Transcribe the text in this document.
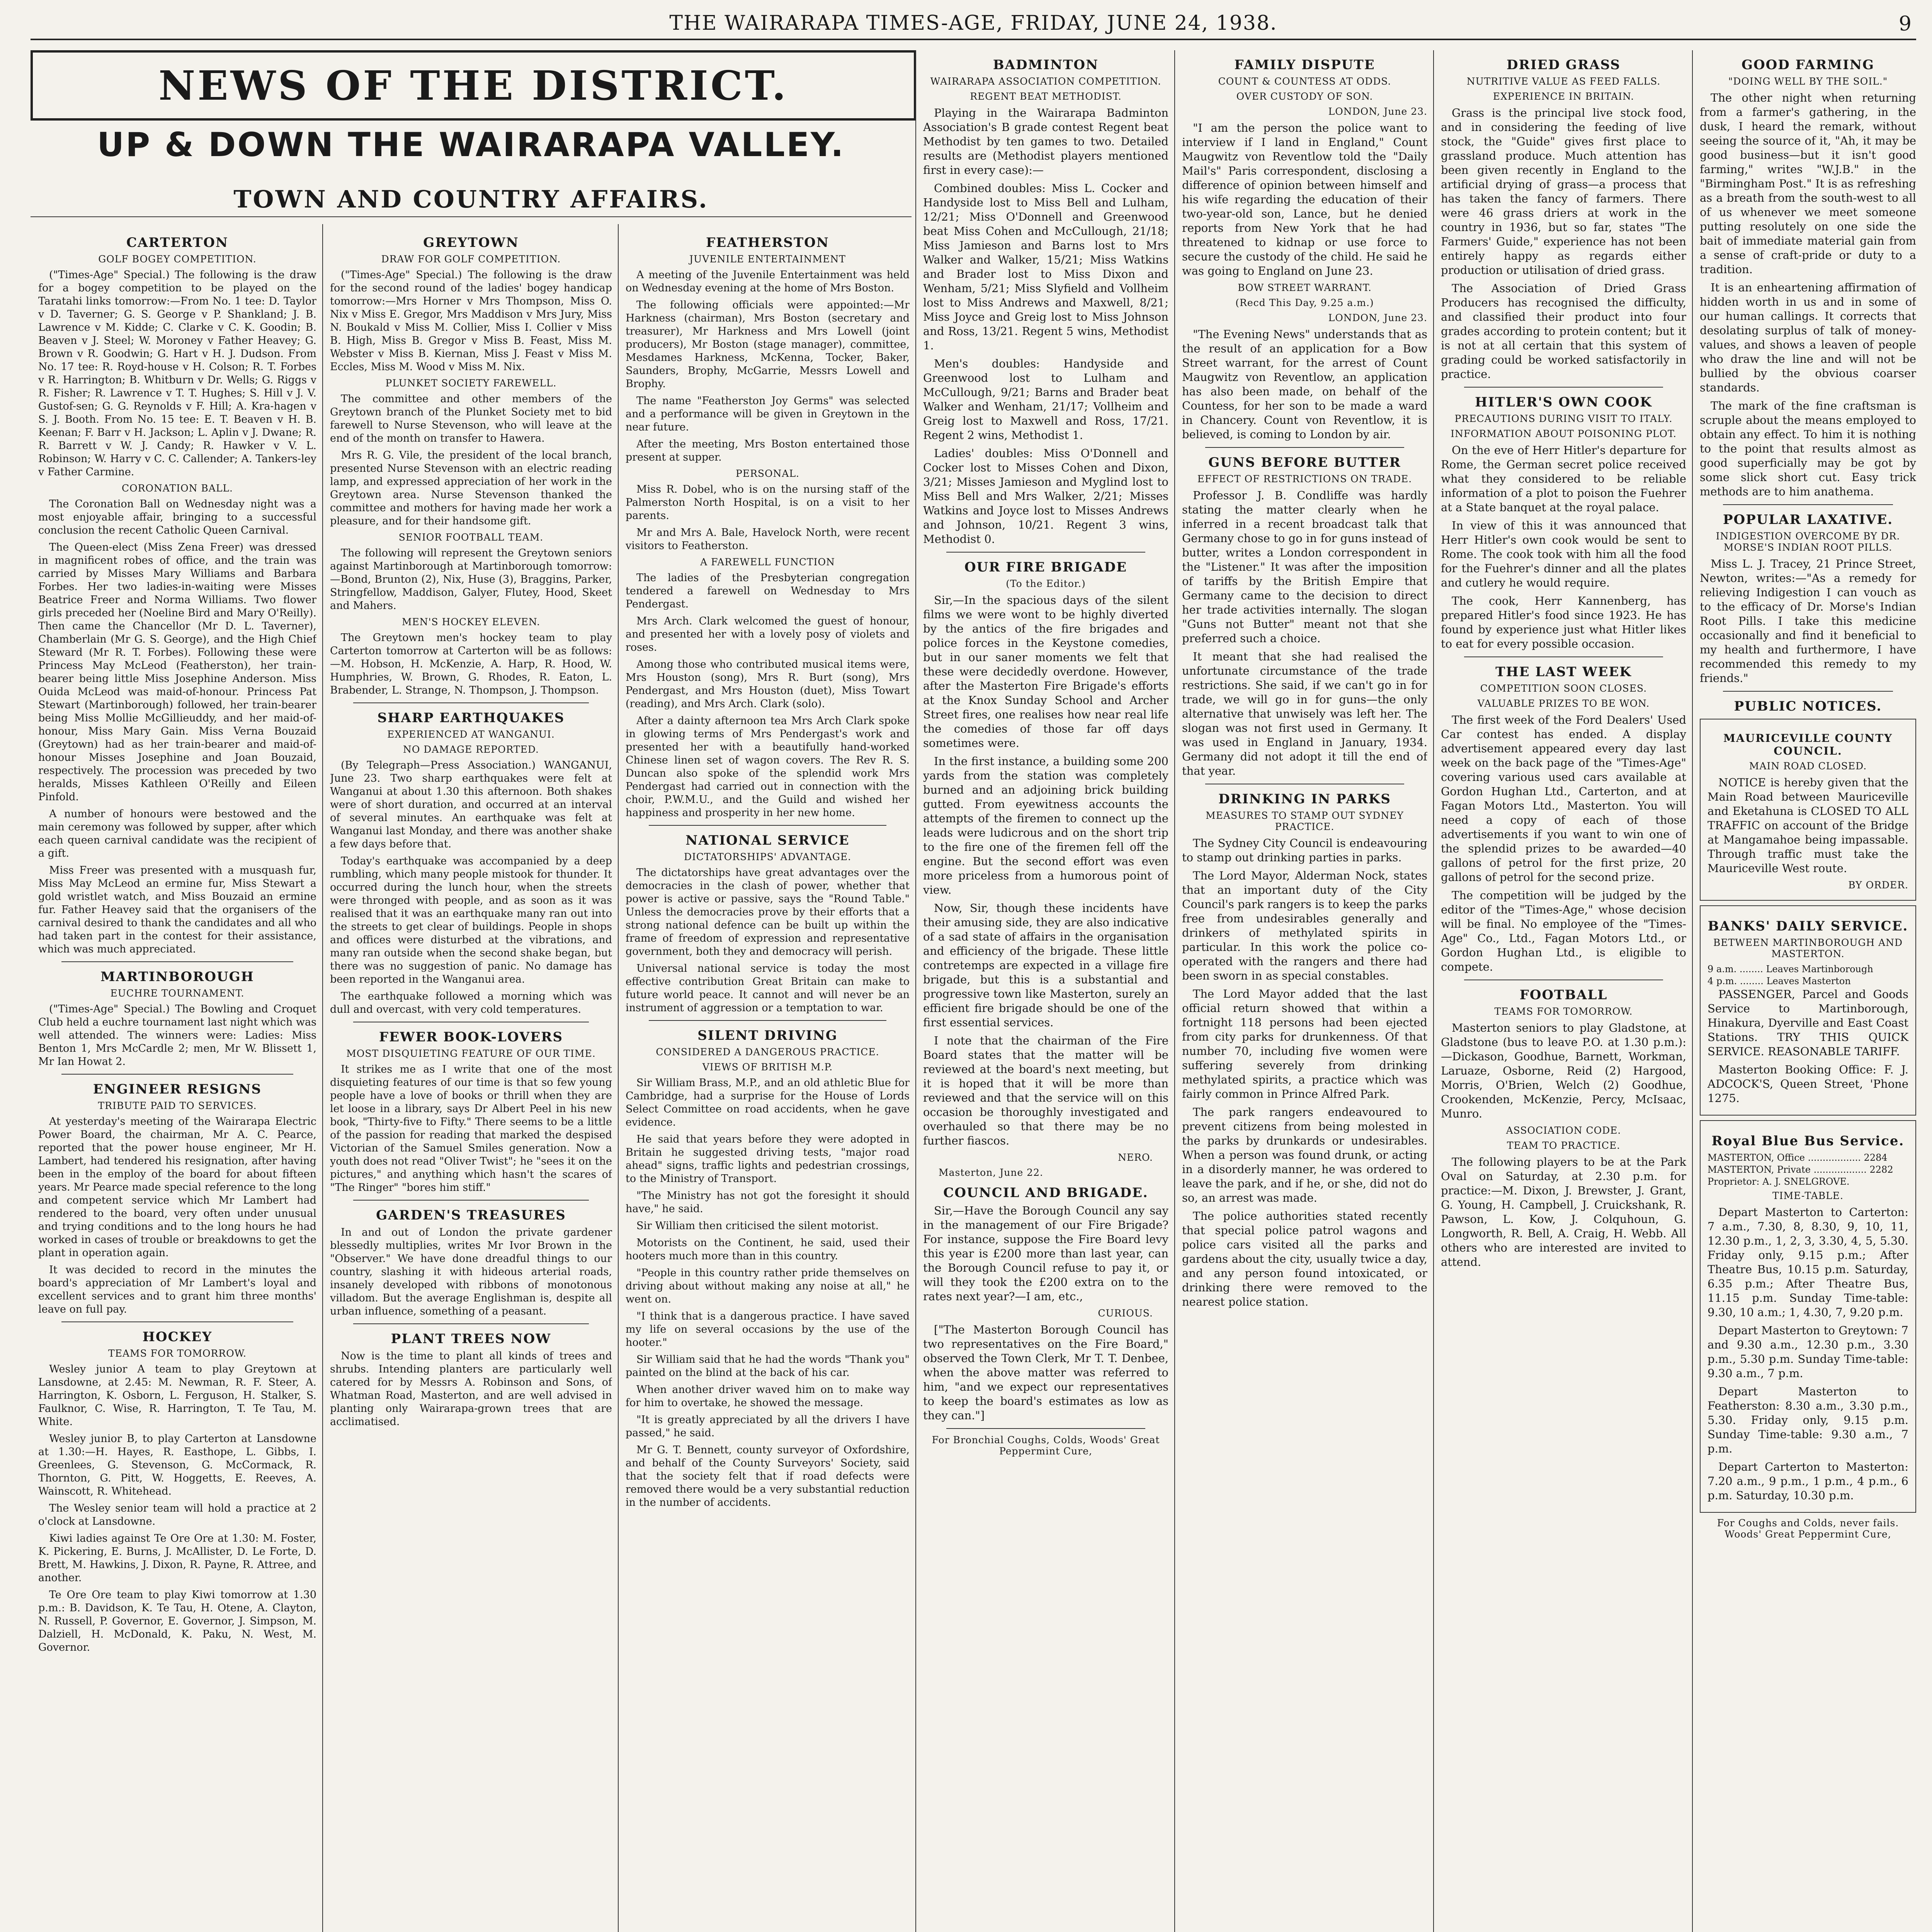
THE WAIRARAPA TIMES-AGE, FRIDAY, JUNE 24, 1938.	9
NEWS OF THE DISTRICT.
UP & DOWN THE WAIRARAPA VALLEY.
TOWN AND COUNTRY AFFAIRS.
CARTERTON
GOLF BOGEY COMPETITION.

("Times-Age" Special.) The following is the draw for a bogey competition to be played on the Taratahi links tomorrow:—From No. 1 tee: D. Taylor v D. Taverner; G. S. George v P. Shankland; J. B. Lawrence v M. Kidde; C. Clarke v C. K. Goodin; B. Beaven v J. Steel; W. Moroney v Father Heavey; G. Brown v R. Goodwin; G. Hart v H. J. Dudson. From No. 17 tee: R. Royd-house v H. Colson; R. T. Forbes v R. Harrington; B. Whitburn v Dr. Wells; G. Riggs v R. Fisher; R. Lawrence v T. T. Hughes; S. Hill v J. V. Gustof-sen; G. G. Reynolds v F. Hill; A. Kra-hagen v S. J. Booth. From No. 15 tee: E. T. Beaven v H. B. Keenan; F. Barr v H. Jackson; L. Aplin v J. Dwane; R. R. Barrett v W. J. Candy; R. Hawker v V. L. Robinson; W. Harry v C. C. Callender; A. Tankers-ley v Father Carmine.

CORONATION BALL.

The Coronation Ball on Wednesday night was a most enjoyable affair, bringing to a successful conclusion the recent Catholic Queen Carnival.

The Queen-elect (Miss Zena Freer) was dressed in magnificent robes of office, and the train was carried by Misses Mary Williams and Barbara Forbes. Her two ladies-in-waiting were Misses Beatrice Freer and Norma Williams. Two flower girls preceded her (Noeline Bird and Mary O'Reilly). Then came the Chancellor (Mr D. L. Taverner), Chamberlain (Mr G. S. George), and the High Chief Steward (Mr R. T. Forbes). Following these were Princess May McLeod (Featherston), her train-bearer being little Miss Josephine Anderson. Miss Ouida McLeod was maid-of-honour. Princess Pat Stewart (Martinborough) followed, her train-bearer being Miss Mollie McGillieuddy, and her maid-of-honour, Miss Mary Gain. Miss Verna Bouzaid (Greytown) had as her train-bearer and maid-of-honour Misses Josephine and Joan Bouzaid, respectively. The procession was preceded by two heralds, Misses Kathleen O'Reilly and Eileen Pinfold.

A number of honours were bestowed and the main ceremony was followed by supper, after which each queen carnival candidate was the recipient of a gift.

Miss Freer was presented with a musquash fur, Miss May McLeod an ermine fur, Miss Stewart a gold wristlet watch, and Miss Bouzaid an ermine fur. Father Heavey said that the organisers of the carnival desired to thank the candidates and all who had taken part in the contest for their assistance, which was much appreciated.

MARTINBOROUGH
EUCHRE TOURNAMENT.

("Times-Age" Special.) The Bowling and Croquet Club held a euchre tournament last night which was well attended. The winners were: Ladies: Miss Benton 1, Mrs McCardle 2; men, Mr W. Blissett 1, Mr Ian Howat 2.

ENGINEER RESIGNS
TRIBUTE PAID TO SERVICES.

At yesterday's meeting of the Wairarapa Electric Power Board, the chairman, Mr A. C. Pearce, reported that the power house engineer, Mr H. Lambert, had tendered his resignation, after having been in the employ of the board for about fifteen years. Mr Pearce made special reference to the long and competent service which Mr Lambert had rendered to the board, very often under unusual and trying conditions and to the long hours he had worked in cases of trouble or breakdowns to get the plant in operation again.

It was decided to record in the minutes the board's appreciation of Mr Lambert's loyal and excellent services and to grant him three months' leave on full pay.

HOCKEY
TEAMS FOR TOMORROW.

Wesley junior A team to play Greytown at Lansdowne, at 2.45: M. Newman, R. F. Steer, A. Harrington, K. Osborn, L. Ferguson, H. Stalker, S. Faulknor, C. Wise, R. Harrington, T. Te Tau, M. White.

Wesley junior B, to play Carterton at Lansdowne at 1.30:—H. Hayes, R. Easthope, L. Gibbs, I. Greenlees, G. Stevenson, G. McCormack, R. Thornton, G. Pitt, W. Hoggetts, E. Reeves, A. Wainscott, R. Whitehead.

The Wesley senior team will hold a practice at 2 o'clock at Lansdowne.

Kiwi ladies against Te Ore Ore at 1.30: M. Foster, K. Pickering, E. Burns, J. McAllister, D. Le Forte, D. Brett, M. Hawkins, J. Dixon, R. Payne, R. Attree, and another.

Te Ore Ore team to play Kiwi tomorrow at 1.30 p.m.: B. Davidson, K. Te Tau, H. Otene, A. Clayton, N. Russell, P. Governor, E. Governor, J. Simpson, M. Dalziell, H. McDonald, K. Paku, N. West, M. Governor.

GREYTOWN
DRAW FOR GOLF COMPETITION.

("Times-Age" Special.) The following is the draw for the second round of the ladies' bogey handicap tomorrow:—Mrs Horner v Mrs Thompson, Miss O. Nix v Miss E. Gregor, Mrs Maddison v Mrs Jury, Miss N. Boukald v Miss M. Collier, Miss I. Collier v Miss B. High, Miss B. Gregor v Miss B. Feast, Miss M. Webster v Miss B. Kiernan, Miss J. Feast v Miss M. Eccles, Miss M. Wood v Miss M. Nix.

PLUNKET SOCIETY FAREWELL.

The committee and other members of the Greytown branch of the Plunket Society met to bid farewell to Nurse Stevenson, who will leave at the end of the month on transfer to Hawera.

Mrs R. G. Vile, the president of the local branch, presented Nurse Stevenson with an electric reading lamp, and expressed appreciation of her work in the Greytown area. Nurse Stevenson thanked the committee and mothers for having made her work a pleasure, and for their handsome gift.

SENIOR FOOTBALL TEAM.

The following will represent the Greytown seniors against Martinborough at Martinborough tomorrow:—Bond, Brunton (2), Nix, Huse (3), Braggins, Parker, Stringfellow, Maddison, Galyer, Flutey, Hood, Skeet and Mahers.

MEN'S HOCKEY ELEVEN.

The Greytown men's hockey team to play Carterton tomorrow at Carterton will be as follows:—M. Hobson, H. McKenzie, A. Harp, R. Hood, W. Humphries, W. Brown, G. Rhodes, R. Eaton, L. Brabender, L. Strange, N. Thompson, J. Thompson.

SHARP EARTHQUAKES
EXPERIENCED AT WANGANUI.
NO DAMAGE REPORTED.

(By Telegraph—Press Association.) WANGANUI, June 23. Two sharp earthquakes were felt at Wanganui at about 1.30 this afternoon. Both shakes were of short duration, and occurred at an interval of several minutes. An earthquake was felt at Wanganui last Monday, and there was another shake a few days before that.

Today's earthquake was accompanied by a deep rumbling, which many people mistook for thunder. It occurred during the lunch hour, when the streets were thronged with people, and as soon as it was realised that it was an earthquake many ran out into the streets to get clear of buildings. People in shops and offices were disturbed at the vibrations, and many ran outside when the second shake began, but there was no suggestion of panic. No damage has been reported in the Wanganui area.

The earthquake followed a morning which was dull and overcast, with very cold temperatures.

FEWER BOOK-LOVERS
MOST DISQUIETING FEATURE OF OUR TIME.

It strikes me as I write that one of the most disquieting features of our time is that so few young people have a love of books or thrill when they are let loose in a library, says Dr Albert Peel in his new book, "Thirty-five to Fifty." There seems to be a little of the passion for reading that marked the despised Victorian of the Samuel Smiles generation. Now a youth does not read "Oliver Twist"; he "sees it on the pictures," and anything which hasn't the scares of "The Ringer" "bores him stiff."

GARDEN'S TREASURES

In and out of London the private gardener blessedly multiplies, writes Mr Ivor Brown in the "Observer." We have done dreadful things to our country, slashing it with hideous arterial roads, insanely developed with ribbons of monotonous villadom. But the average Englishman is, despite all urban influence, something of a peasant.

PLANT TREES NOW

Now is the time to plant all kinds of trees and shrubs. Intending planters are particularly well catered for by Messrs A. Robinson and Sons, of Whatman Road, Masterton, and are well advised in planting only Wairarapa-grown trees that are acclimatised.

FEATHERSTON
JUVENILE ENTERTAINMENT

A meeting of the Juvenile Entertainment was held on Wednesday evening at the home of Mrs Boston.

The following officials were appointed:—Mr Harkness (chairman), Mrs Boston (secretary and treasurer), Mr Harkness and Mrs Lowell (joint producers), Mr Boston (stage manager), committee, Mesdames Harkness, McKenna, Tocker, Baker, Saunders, Brophy, McGarrie, Messrs Lowell and Brophy.

The name "Featherston Joy Germs" was selected and a performance will be given in Greytown in the near future.

After the meeting, Mrs Boston entertained those present at supper.

PERSONAL.

Miss R. Dobel, who is on the nursing staff of the Palmerston North Hospital, is on a visit to her parents.

Mr and Mrs A. Bale, Havelock North, were recent visitors to Featherston.

A FAREWELL FUNCTION

The ladies of the Presbyterian congregation tendered a farewell on Wednesday to Mrs Pendergast.

Mrs Arch. Clark welcomed the guest of honour, and presented her with a lovely posy of violets and roses.

Among those who contributed musical items were, Mrs Houston (song), Mrs R. Burt (song), Mrs Pendergast, and Mrs Houston (duet), Miss Towart (reading), and Mrs Arch. Clark (solo).

After a dainty afternoon tea Mrs Arch Clark spoke in glowing terms of Mrs Pendergast's work and presented her with a beautifully hand-worked Chinese linen set of wagon covers. The Rev R. S. Duncan also spoke of the splendid work Mrs Pendergast had carried out in connection with the choir, P.W.M.U., and the Guild and wished her happiness and prosperity in her new home.

NATIONAL SERVICE
DICTATORSHIPS' ADVANTAGE.

The dictatorships have great advantages over the democracies in the clash of power, whether that power is active or passive, says the "Round Table." Unless the democracies prove by their efforts that a strong national defence can be built up within the frame of freedom of expression and representative government, both they and democracy will perish.

Universal national service is today the most effective contribution Great Britain can make to future world peace. It cannot and will never be an instrument of aggression or a temptation to war.

SILENT DRIVING
CONSIDERED A DANGEROUS PRACTICE.
VIEWS OF BRITISH M.P.

Sir William Brass, M.P., and an old athletic Blue for Cambridge, had a surprise for the House of Lords Select Committee on road accidents, when he gave evidence.

He said that years before they were adopted in Britain he suggested driving tests, "major road ahead" signs, traffic lights and pedestrian crossings, to the Ministry of Transport.

"The Ministry has not got the foresight it should have," he said.

Sir William then criticised the silent motorist.

Motorists on the Continent, he said, used their hooters much more than in this country.

"People in this country rather pride themselves on driving about without making any noise at all," he went on.

"I think that is a dangerous practice. I have saved my life on several occasions by the use of the hooter."

Sir William said that he had the words "Thank you" painted on the blind at the back of his car.

When another driver waved him on to make way for him to overtake, he showed the message.

"It is greatly appreciated by all the drivers I have passed," he said.

Mr G. T. Bennett, county surveyor of Oxfordshire, and behalf of the County Surveyors' Society, said that the society felt that if road defects were removed there would be a very substantial reduction in the number of accidents.

BADMINTON
WAIRARAPA ASSOCIATION COMPETITION.
REGENT BEAT METHODIST.

Playing in the Wairarapa Badminton Association's B grade contest Regent beat Methodist by ten games to two. Detailed results are (Methodist players mentioned first in every case):—

Combined doubles: Miss L. Cocker and Handyside lost to Miss Bell and Lulham, 12/21; Miss O'Donnell and Greenwood beat Miss Cohen and McCullough, 21/18; Miss Jamieson and Barns lost to Mrs Walker and Walker, 15/21; Miss Watkins and Brader lost to Miss Dixon and Wenham, 5/21; Miss Slyfield and Vollheim lost to Miss Andrews and Maxwell, 8/21; Miss Joyce and Greig lost to Miss Johnson and Ross, 13/21. Regent 5 wins, Methodist 1.

Men's doubles: Handyside and Greenwood lost to Lulham and McCullough, 9/21; Barns and Brader beat Walker and Wenham, 21/17; Vollheim and Greig lost to Maxwell and Ross, 17/21. Regent 2 wins, Methodist 1.

Ladies' doubles: Miss O'Donnell and Cocker lost to Misses Cohen and Dixon, 3/21; Misses Jamieson and Myglind lost to Miss Bell and Mrs Walker, 2/21; Misses Watkins and Joyce lost to Misses Andrews and Johnson, 10/21. Regent 3 wins, Methodist 0.

OUR FIRE BRIGADE
(To the Editor.)

Sir,—In the spacious days of the silent films we were wont to be highly diverted by the antics of the fire brigades and police forces in the Keystone comedies, but in our saner moments we felt that these were decidedly overdone. However, after the Masterton Fire Brigade's efforts at the Knox Sunday School and Archer Street fires, one realises how near real life the comedies of those far off days sometimes were.

In the first instance, a building some 200 yards from the station was completely burned and an adjoining brick building gutted. From eyewitness accounts the attempts of the firemen to connect up the leads were ludicrous and on the short trip to the fire one of the firemen fell off the engine. But the second effort was even more priceless from a humorous point of view.

Now, Sir, though these incidents have their amusing side, they are also indicative of a sad state of affairs in the organisation and efficiency of the brigade. These little contretemps are expected in a village fire brigade, but this is a substantial and progressive town like Masterton, surely an efficient fire brigade should be one of the first essential services.

I note that the chairman of the Fire Board states that the matter will be reviewed at the board's next meeting, but it is hoped that it will be more than reviewed and that the service will on this occasion be thoroughly investigated and overhauled so that there may be no further fiascos.

NERO.
Masterton, June 22.
COUNCIL AND BRIGADE.

Sir,—Have the Borough Council any say in the management of our Fire Brigade? For instance, suppose the Fire Board levy this year is £200 more than last year, can the Borough Council refuse to pay it, or will they took the £200 extra on to the rates next year?—I am, etc.,

CURIOUS.

["The Masterton Borough Council has two representatives on the Fire Board," observed the Town Clerk, Mr T. T. Denbee, when the above matter was referred to him, "and we expect our representatives to keep the board's estimates as low as they can."]

For Bronchial Coughs, Colds, Woods' Great Peppermint Cure,
FAMILY DISPUTE
COUNT & COUNTESS AT ODDS.
OVER CUSTODY OF SON.
LONDON, June 23.

"I am the person the police want to interview if I land in England," Count Maugwitz von Reventlow told the "Daily Mail's" Paris correspondent, disclosing a difference of opinion between himself and his wife regarding the education of their two-year-old son, Lance, but he denied reports from New York that he had threatened to kidnap or use force to secure the custody of the child. He said he was going to England on June 23.

BOW STREET WARRANT.
(Recd This Day, 9.25 a.m.)
LONDON, June 23.

"The Evening News" understands that as the result of an application for a Bow Street warrant, for the arrest of Count Maugwitz von Reventlow, an application has also been made, on behalf of the Countess, for her son to be made a ward in Chancery. Count von Reventlow, it is believed, is coming to London by air.

GUNS BEFORE BUTTER
EFFECT OF RESTRICTIONS ON TRADE.

Professor J. B. Condliffe was hardly stating the matter clearly when he inferred in a recent broadcast talk that Germany chose to go in for guns instead of butter, writes a London correspondent in the "Listener." It was after the imposition of tariffs by the British Empire that Germany came to the decision to direct her trade activities internally. The slogan "Guns not Butter" meant not that she preferred such a choice.

It meant that she had realised the unfortunate circumstance of the trade restrictions. She said, if we can't go in for trade, we will go in for guns—the only alternative that unwisely was left her. The slogan was not first used in Germany. It was used in England in January, 1934. Germany did not adopt it till the end of that year.

DRINKING IN PARKS
MEASURES TO STAMP OUT SYDNEY PRACTICE.

The Sydney City Council is endeavouring to stamp out drinking parties in parks.

The Lord Mayor, Alderman Nock, states that an important duty of the City Council's park rangers is to keep the parks free from undesirables generally and drinkers of methylated spirits in particular. In this work the police co-operated with the rangers and there had been sworn in as special constables.

The Lord Mayor added that the last official return showed that within a fortnight 118 persons had been ejected from city parks for drunkenness. Of that number 70, including five women were suffering severely from drinking methylated spirits, a practice which was fairly common in Prince Alfred Park.

The park rangers endeavoured to prevent citizens from being molested in the parks by drunkards or undesirables. When a person was found drunk, or acting in a disorderly manner, he was ordered to leave the park, and if he, or she, did not do so, an arrest was made.

The police authorities stated recently that special police patrol wagons and police cars visited all the parks and gardens about the city, usually twice a day, and any person found intoxicated, or drinking there were removed to the nearest police station.

DRIED GRASS
NUTRITIVE VALUE AS FEED FALLS.
EXPERIENCE IN BRITAIN.

Grass is the principal live stock food, and in considering the feeding of live stock, the "Guide" gives first place to grassland produce. Much attention has been given recently in England to the artificial drying of grass—a process that has taken the fancy of farmers. There were 46 grass driers at work in the country in 1936, but so far, states "The Farmers' Guide," experience has not been entirely happy as regards either production or utilisation of dried grass.

The Association of Dried Grass Producers has recognised the difficulty, and classified their product into four grades according to protein content; but it is not at all certain that this system of grading could be worked satisfactorily in practice.

HITLER'S OWN COOK
PRECAUTIONS DURING VISIT TO ITALY.
INFORMATION ABOUT POISONING PLOT.

On the eve of Herr Hitler's departure for Rome, the German secret police received what they considered to be reliable information of a plot to poison the Fuehrer at a State banquet at the royal palace.

In view of this it was announced that Herr Hitler's own cook would be sent to Rome. The cook took with him all the food for the Fuehrer's dinner and all the plates and cutlery he would require.

The cook, Herr Kannenberg, has prepared Hitler's food since 1923. He has found by experience just what Hitler likes to eat for every possible occasion.

THE LAST WEEK
COMPETITION SOON CLOSES.
VALUABLE PRIZES TO BE WON.

The first week of the Ford Dealers' Used Car contest has ended. A display advertisement appeared every day last week on the back page of the "Times-Age" covering various used cars available at Gordon Hughan Ltd., Carterton, and at Fagan Motors Ltd., Masterton. You will need a copy of each of those advertisements if you want to win one of the splendid prizes to be awarded—40 gallons of petrol for the first prize, 20 gallons of petrol for the second prize.

The competition will be judged by the editor of the "Times-Age," whose decision will be final. No employee of the "Times-Age" Co., Ltd., Fagan Motors Ltd., or Gordon Hughan Ltd., is eligible to compete.

FOOTBALL
TEAMS FOR TOMORROW.

Masterton seniors to play Gladstone, at Gladstone (bus to leave P.O. at 1.30 p.m.):—Dickason, Goodhue, Barnett, Workman, Laruaze, Osborne, Reid (2) Hargood, Morris, O'Brien, Welch (2) Goodhue, Crookenden, McKenzie, Percy, McIsaac, Munro.

ASSOCIATION CODE.
TEAM TO PRACTICE.

The following players to be at the Park Oval on Saturday, at 2.30 p.m. for practice:—M. Dixon, J. Brewster, J. Grant, G. Young, H. Campbell, J. Cruickshank, R. Pawson, L. Kow, J. Colquhoun, G. Longworth, R. Bell, A. Craig, H. Webb. All others who are interested are invited to attend.

GOOD FARMING
"DOING WELL BY THE SOIL."

The other night when returning from a farmer's gathering, in the dusk, I heard the remark, without seeing the source of it, "Ah, it may be good business—but it isn't good farming," writes "W.J.B." in the "Birmingham Post." It is as refreshing as a breath from the south-west to all of us whenever we meet someone putting resolutely on one side the bait of immediate material gain from a sense of craft-pride or duty to a tradition.

It is an enheartening affirmation of hidden worth in us and in some of our human callings. It corrects that desolating surplus of talk of money-values, and shows a leaven of people who draw the line and will not be bullied by the obvious coarser standards.

The mark of the fine craftsman is scruple about the means employed to obtain any effect. To him it is nothing to the point that results almost as good superficially may be got by some slick short cut. Easy trick methods are to him anathema.

POPULAR LAXATIVE.
INDIGESTION OVERCOME BY DR. MORSE'S INDIAN ROOT PILLS.

Miss L. J. Tracey, 21 Prince Street, Newton, writes:—"As a remedy for relieving Indigestion I can vouch as to the efficacy of Dr. Morse's Indian Root Pills. I take this medicine occasionally and find it beneficial to my health and furthermore, I have recommended this remedy to my friends."

PUBLIC NOTICES.
MAURICEVILLE COUNTY COUNCIL.
MAIN ROAD CLOSED.

NOTICE is hereby given that the Main Road between Mauriceville and Eketahuna is CLOSED TO ALL TRAFFIC on account of the Bridge at Mangamahoe being impassable. Through traffic must take the Mauriceville West route.

BY ORDER.
BANKS' DAILY SERVICE.
BETWEEN MARTINBOROUGH AND MASTERTON.
9 a.m. ........ Leaves Martinborough
4 p.m. ........ Leaves Masterton

PASSENGER, Parcel and Goods Service to Martinborough, Hinakura, Dyerville and East Coast Stations. TRY THIS QUICK SERVICE. REASONABLE TARIFF.

Masterton Booking Office: F. J. ADCOCK'S, Queen Street, 'Phone 1275.

Royal Blue Bus Service.
MASTERTON, Office .................. 2284
MASTERTON, Private .................. 2282
Proprietor: A. J. SNELGROVE.
TIME-TABLE.

Depart Masterton to Carterton: 7 a.m., 7.30, 8, 8.30, 9, 10, 11, 12.30 p.m., 1, 2, 3, 3.30, 4, 5, 5.30. Friday only, 9.15 p.m.; After Theatre Bus, 10.15 p.m. Saturday, 6.35 p.m.; After Theatre Bus, 11.15 p.m. Sunday Time-table: 9.30, 10 a.m.; 1, 4.30, 7, 9.20 p.m.

Depart Masterton to Greytown: 7 and 9.30 a.m., 12.30 p.m., 3.30 p.m., 5.30 p.m. Sunday Time-table: 9.30 a.m., 7 p.m.

Depart Masterton to Featherston: 8.30 a.m., 3.30 p.m., 5.30. Friday only, 9.15 p.m. Sunday Time-table: 9.30 a.m., 7 p.m.

Depart Carterton to Masterton: 7.20 a.m., 9 p.m., 1 p.m., 4 p.m., 6 p.m. Saturday, 10.30 p.m.

For Coughs and Colds, never fails. Woods' Great Peppermint Cure,
